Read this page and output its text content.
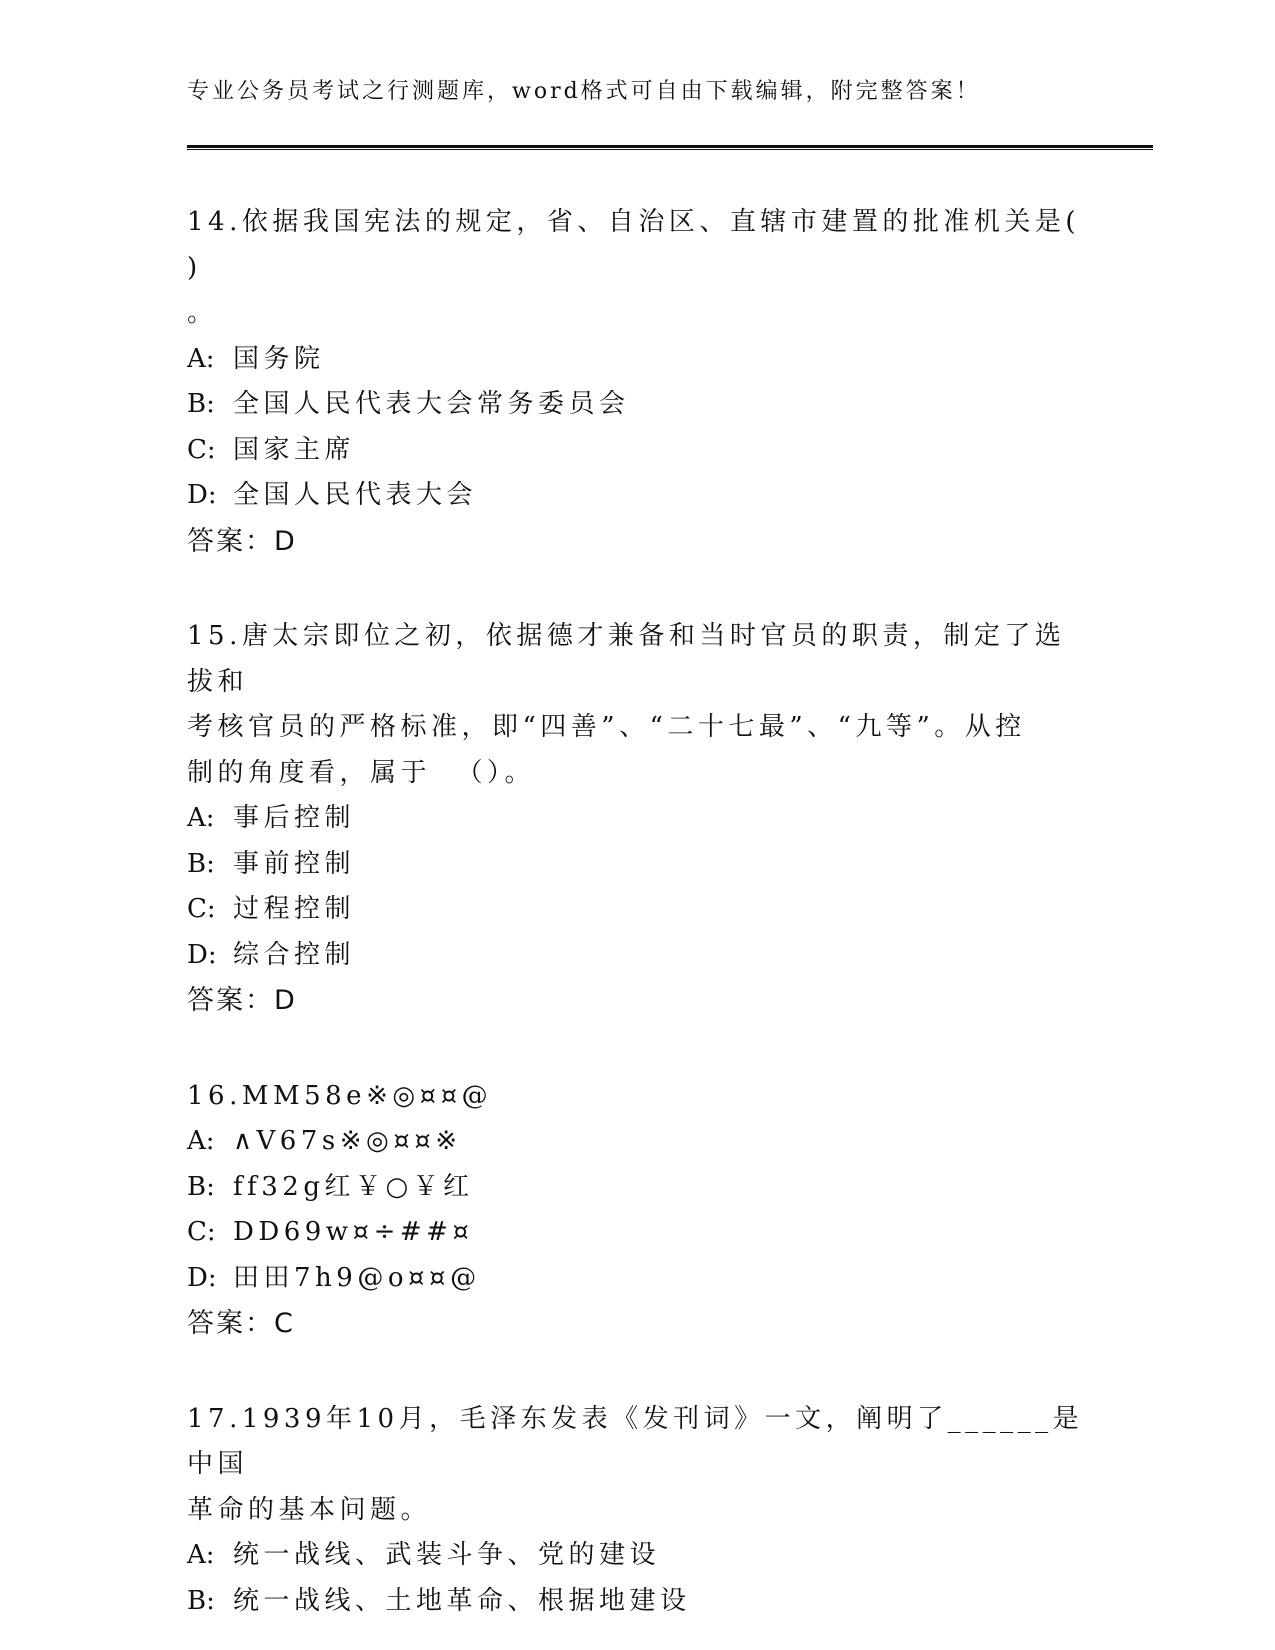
专业公务员考试之行测题库，word格式可自由下载编辑，附完整答案！

14.依据我国宪法的规定，省、自治区、直辖市建置的批准机关是( )
。

A: 国务院

B: 全国人民代表大会常务委员会

C: 国家主席

D: 全国人民代表大会

答案：D

15.唐太宗即位之初，依据德才兼备和当时官员的职责，制定了选拔和
考核官员的严格标准，即“四善”、“二十七最”、“九等”。从控
制的角度看，属于  （）。

A: 事后控制

B: 事前控制

C: 过程控制

D: 综合控制

答案：D

16.MM58e※◎¤¤@

A: ∧V67s※◎¤¤※

B: ff32g红￥○￥红

C: DD69w¤÷##¤

D: 田田7h9@o¤¤@

答案：C

17.1939年10月，毛泽东发表《发刊词》一文，阐明了______是中国
革命的基本问题。

A: 统一战线、武装斗争、党的建设

B: 统一战线、土地革命、根据地建设
